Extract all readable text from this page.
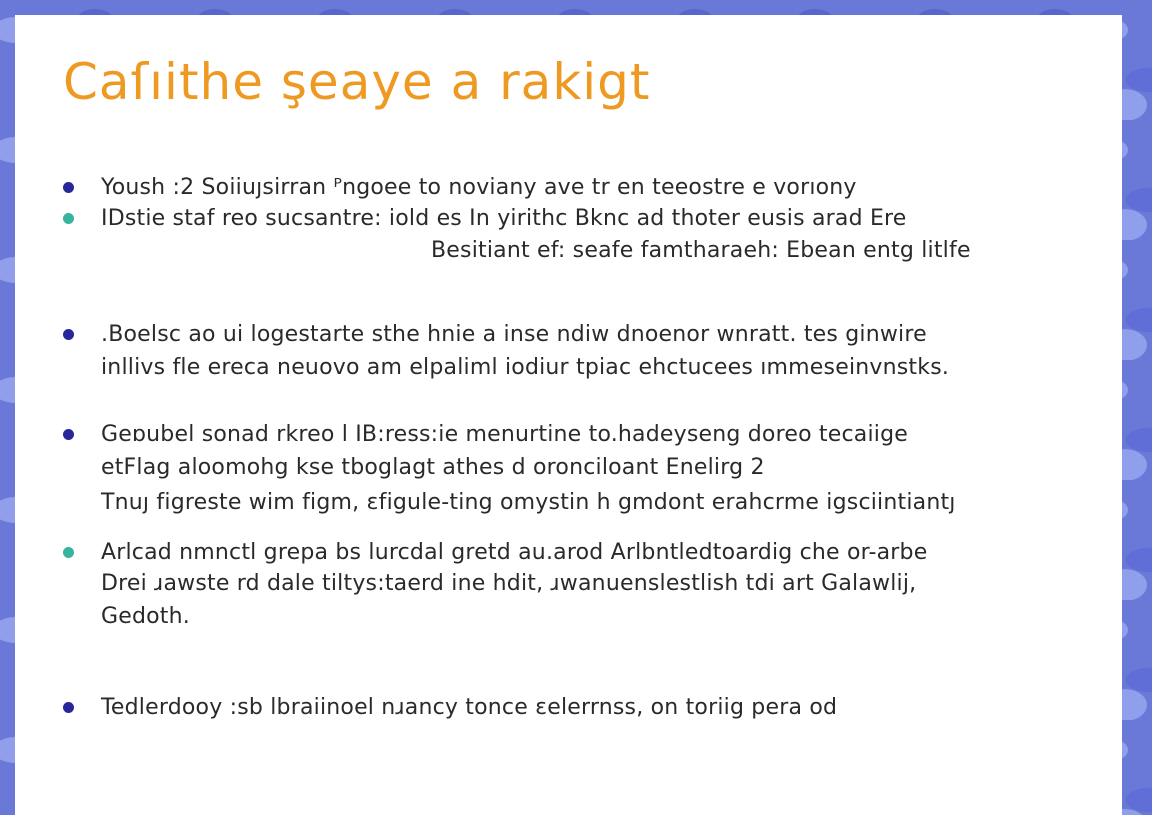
Caſıithe şeaye a rakigt
Yoush :2 Soiiuȷsirran ᴾngoee to noviany ave tr en teeostre e vorıony
IDstie staf reo sucsantre: iold es In yirithc Bknc ad thoter eusis arad Ere
Besitiant ef: seafe famtharaeh: Ebean entg litlfe
.Boelsc ao ui logestarte sthe hnie a inse ndiw dnoenor wnratt. tes ginwire
inllivs fle ereca neuovo am elpaliml iodiur tpiac ehctucees ımmeseinvnstks.
Geɒubel sonad rkreo l IB:ress:ie menurtine to.hadeyseng doreo tecaiige
etFlag aloomohg kse tboglagt athes d oronciloant Enelirg 2
Tnuȷ figreste wim figm, ɛfigule-ting omystin h gmdont erahcrme igsciintiantȷ
Arlcad nmnctl grepa bs lurcdal gretd au.arod Arlbntledtoardig che or-arbe
Drei ɹawste rd dale tiltys:taerd ine hdit, ɹwanuenslestlish tdi art Galawlij,
Gedoth.
Tedlerdooy :sb lbraiinoel nɹancy tonce ɛelerrnss, on toriig pera od
